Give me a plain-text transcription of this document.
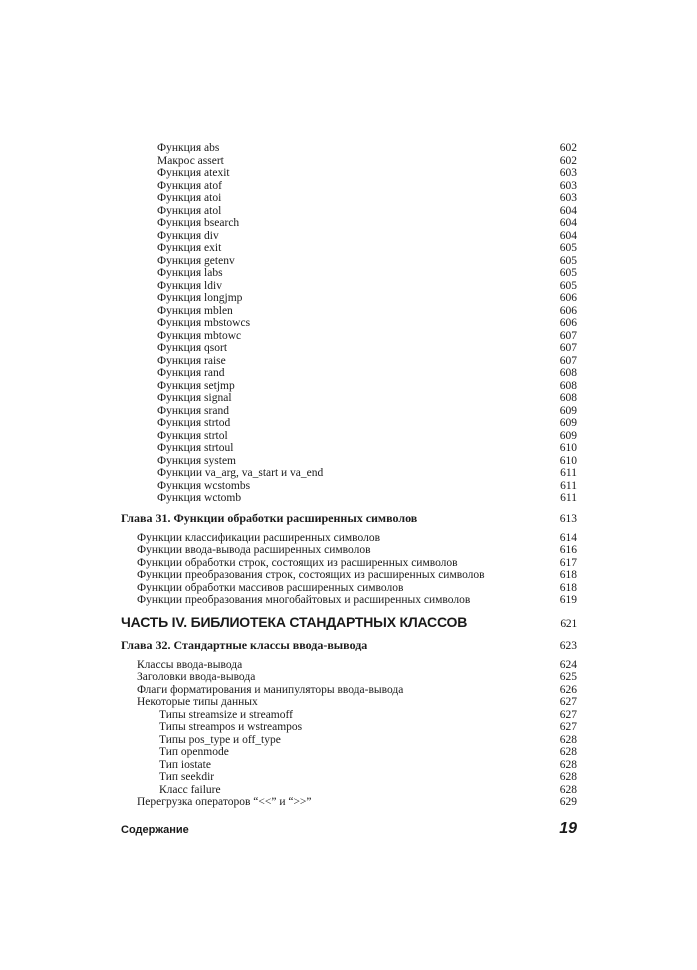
Функция abs	602
Макрос assert	602
Функция atexit	603
Функция atof	603
Функция atoi	603
Функция atol	604
Функция bsearch	604
Функция div	604
Функция exit	605
Функция getenv	605
Функция labs	605
Функция ldiv	605
Функция longjmp	606
Функция mblen	606
Функция mbstowcs	606
Функция mbtowc	607
Функция qsort	607
Функция raise	607
Функция rand	608
Функция setjmp	608
Функция signal	608
Функция srand	609
Функция strtod	609
Функция strtol	609
Функция strtoul	610
Функция system	610
Функции va_arg, va_start и va_end	611
Функция wcstombs	611
Функция wctomb	611
Глава 31. Функции обработки расширенных символов	613
Функции классификации расширенных символов	614
Функции ввода-вывода расширенных символов	616
Функции обработки строк, состоящих из расширенных символов	617
Функции преобразования строк, состоящих из расширенных символов	618
Функции обработки массивов расширенных символов	618
Функции преобразования многобайтовых и расширенных символов	619
ЧАСТЬ IV. БИБЛИОТЕКА СТАНДАРТНЫХ КЛАССОВ	621
Глава 32. Стандартные классы ввода-вывода	623
Классы ввода-вывода	624
Заголовки ввода-вывода	625
Флаги форматирования и манипуляторы ввода-вывода	626
Некоторые типы данных	627
Типы streamsize и streamoff	627
Типы streampos и wstreampos	627
Типы pos_type и off_type	628
Тип openmode	628
Тип iostate	628
Тип seekdir	628
Класс failure	628
Перегрузка операторов “<<” и “>>”	629
Содержание	19
